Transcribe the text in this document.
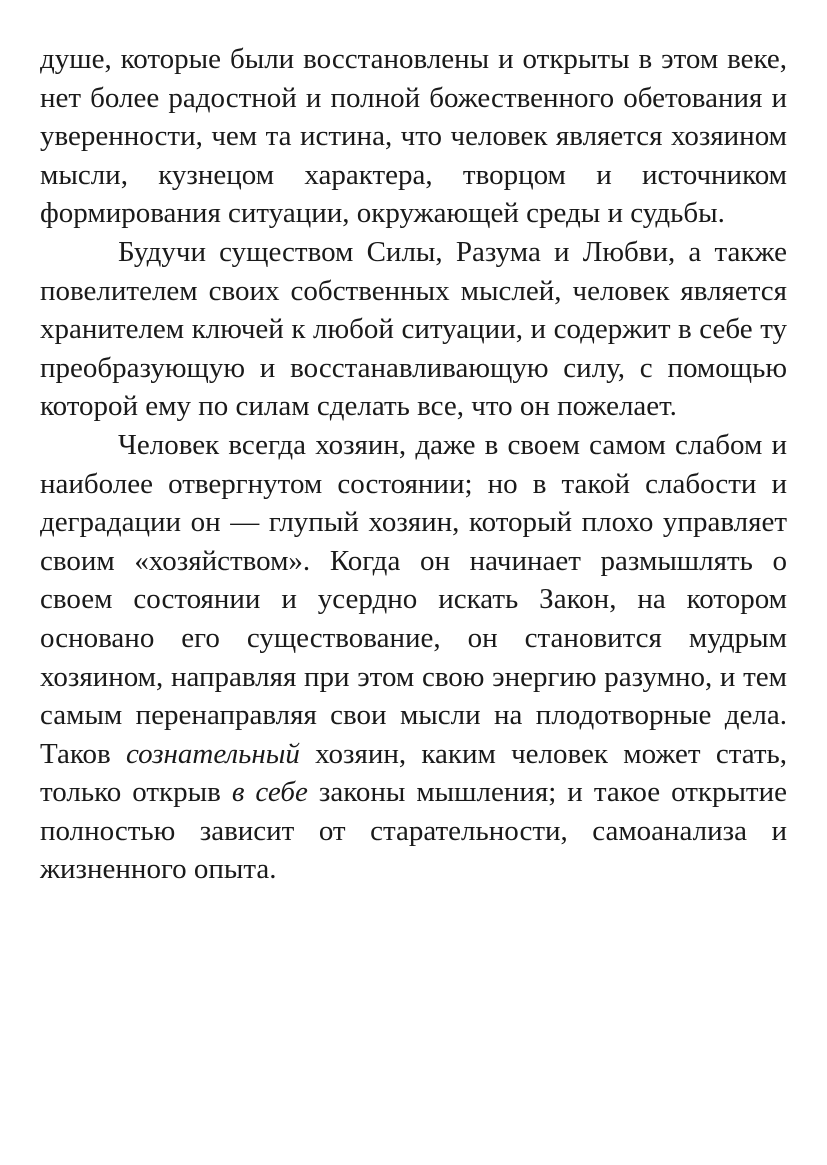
душе, которые были восстановлены и открыты в этом веке, нет более радостной и полной божественного обетования и уверенности, чем та истина, что человек является хозяином мысли, кузнецом характера, творцом и источником формирования ситуации, окружающей среды и судьбы.

Будучи существом Силы, Разума и Любви, а также повелителем своих собственных мыслей, человек является хранителем ключей к любой ситуации, и содержит в себе ту преобразующую и восстанавливающую силу, с помощью которой ему по силам сделать все, что он пожелает.

Человек всегда хозяин, даже в своем самом слабом и наиболее отвергнутом состоянии; но в такой слабости и деградации он — глупый хозяин, который плохо управляет своим «хозяйством». Когда он начинает размышлять о своем состоянии и усердно искать Закон, на котором основано его существование, он становится мудрым хозяином, направляя при этом свою энергию разумно, и тем самым перенаправляя свои мысли на плодотворные дела. Таков сознательный хозяин, каким человек может стать, только открыв в себе законы мышления; и такое открытие полностью зависит от старательности, самоанализа и жизненного опыта.
